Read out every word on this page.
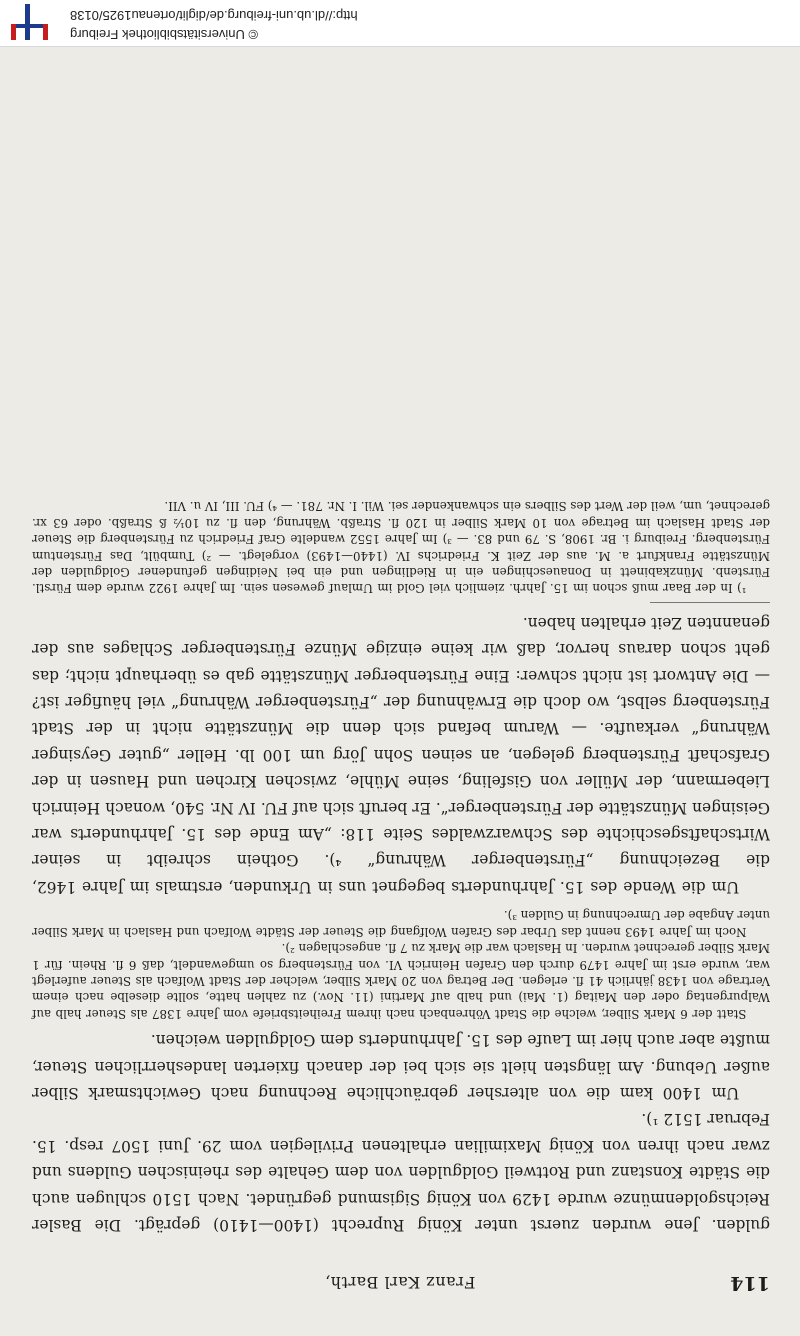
114
Franz Karl Barth,

gulden. Jene wurden zuerst unter König Ruprecht (1400—1410) geprägt. Die Basler Reichsgoldenmünze wurde 1429 von König Sigismund gegründet. Nach 1510 schlugen auch die Städte Konstanz und Rottweil Goldgulden von dem Gehalte des rheinischen Guldens und zwar nach ihren von König Maximilian erhaltenen Privilegien vom 29. Juni 1507 resp. 15. Februar 1512 ¹).

Um 1400 kam die von altersher gebräuchliche Rechnung nach Gewichtsmark Silber außer Uebung. Am längsten hielt sie sich bei der danach fixierten landesherrlichen Steuer, mußte aber auch hier im Laufe des 15. Jahrhunderts dem Goldgulden weichen.

Statt der 6 Mark Silber, welche die Stadt Vöhrenbach nach ihrem Freiheitsbriefe vom Jahre 1387 als Steuer halb auf Walpurgentag oder den Maitag (1. Mai) und halb auf Martini (11. Nov.) zu zahlen hatte, sollte dieselbe nach einem Vertrage von 1438 jährlich 41 fl. erlegen. Der Betrag von 20 Mark Silber, welcher der Stadt Wolfach als Steuer auferlegt war, wurde erst im Jahre 1479 durch den Grafen Heinrich VI. von Fürstenberg so umgewandelt, daß 6 fl. Rhein. für 1 Mark Silber gerechnet wurden. In Haslach war die Mark zu 7 fl. angeschlagen ²).

Noch im Jahre 1493 nennt das Urbar des Grafen Wolfgang die Steuer der Städte Wolfach und Haslach in Mark Silber unter Angabe der Umrechnung in Gulden ³).

Um die Wende des 15. Jahrhunderts begegnet uns in Urkunden, erstmals im Jahre 1462, die Bezeichnung „Fürstenberger Währung“ ⁴). Gothein schreibt in seiner Wirtschaftsgeschichte des Schwarzwaldes Seite 118: „Am Ende des 15. Jahrhunderts war Geisingen Münzstätte der Fürstenberger“. Er beruft sich auf FU. IV Nr. 540, wonach Heinrich Liebermann, der Müller von Gisfeling, seine Mühle, zwischen Kirchen und Hausen in der Grafschaft Fürstenberg gelegen, an seinen Sohn Jörg um 100 lb. Heller „guter Geysinger Währung“ verkaufte. — Warum befand sich denn die Münzstätte nicht in der Stadt Fürstenberg selbst, wo doch die Erwähnung der „Fürstenberger Währung“ viel häufiger ist? — Die Antwort ist nicht schwer: Eine Fürstenberger Münzstätte gab es überhaupt nicht; das geht schon daraus hervor, daß wir keine einzige Münze Fürstenberger Schlages aus der genannten Zeit erhalten haben.

¹) In der Baar muß schon im 15. Jahrh. ziemlich viel Gold im Umlauf gewesen sein. Im Jahre 1922 wurde dem Fürstl. Fürstenb. Münzkabinett in Donaueschingen ein in Riedlingen und ein bei Neidingen gefundener Goldgulden der Münzstätte Frankfurt a. M. aus der Zeit K. Friedrichs IV. (1440—1493) vorgelegt. — ²) Tumbült, Das Fürstentum Fürstenberg. Freiburg i. Br. 1908, S. 79 und 83. — ³) Im Jahre 1552 wandelte Graf Friedrich zu Fürstenberg die Steuer der Stadt Haslach im Betrage von 10 Mark Silber in 120 fl. Straßb. Währung, den fl. zu 10½ ß Straßb. oder 63 xr. gerechnet, um, weil der Wert des Silbers ein schwankender sei. Wil. I. Nr. 781. — ⁴) FU. III, IV u. VII.

© Universitätsbibliothek Freiburg
http://dl.ub.uni-freiburg.de/diglit/ortenau1925/0138
